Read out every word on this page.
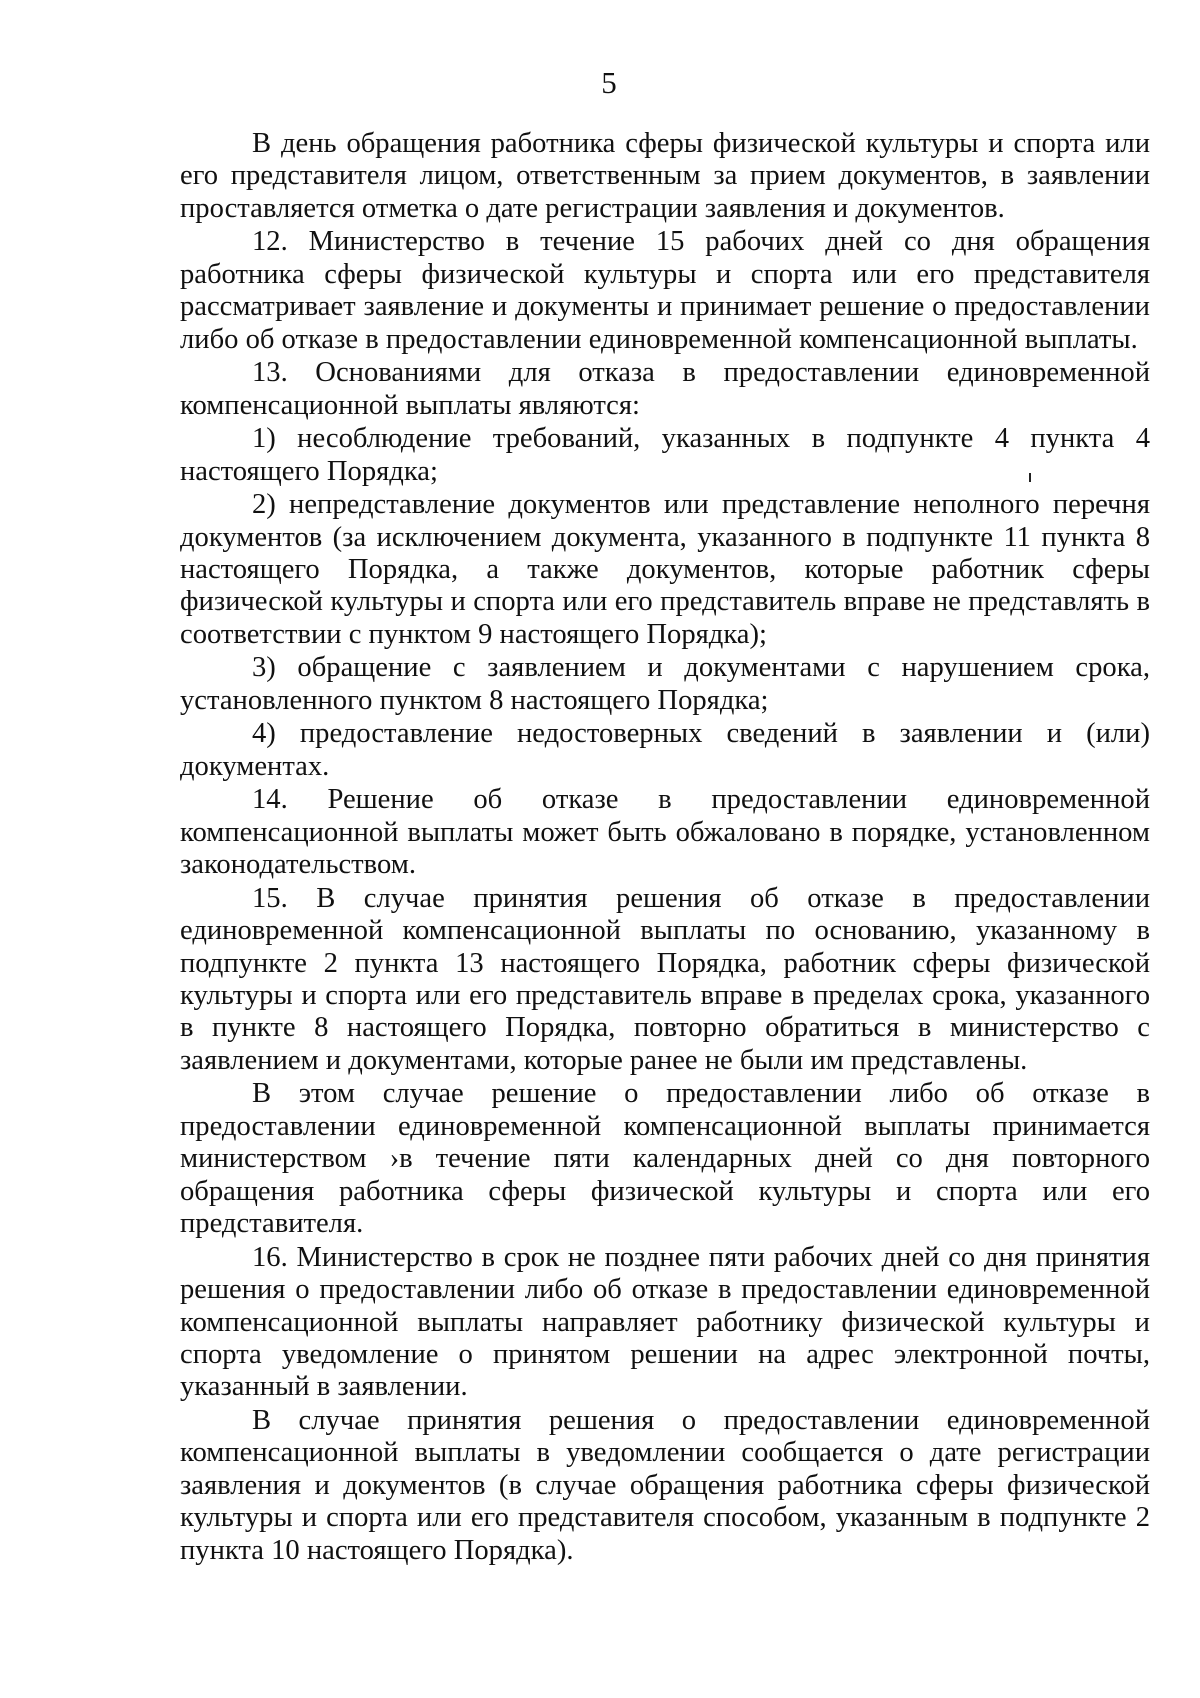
5

В день обращения работника сферы физической культуры и спорта или его представителя лицом, ответственным за прием документов, в заявлении проставляется отметка о дате регистрации заявления и документов.

12. Министерство в течение 15 рабочих дней со дня обращения работника сферы физической культуры и спорта или его представителя рассматривает заявление и документы и принимает решение о предоставлении либо об отказе в предоставлении единовременной компенсационной выплаты.

13. Основаниями для отказа в предоставлении единовременной компенсационной выплаты являются:

1) несоблюдение требований, указанных в подпункте 4 пункта 4 настоящего Порядка;

2) непредставление документов или представление неполного перечня документов (за исключением документа, указанного в подпункте 11 пункта 8 настоящего Порядка, а также документов, которые работник сферы физической культуры и спорта или его представитель вправе не представлять в соответствии с пунктом 9 настоящего Порядка);

3) обращение с заявлением и документами с нарушением срока, установленного пунктом 8 настоящего Порядка;

4) предоставление недостоверных сведений в заявлении и (или) документах.

14. Решение об отказе в предоставлении единовременной компенсационной выплаты может быть обжаловано в порядке, установленном законодательством.

15. В случае принятия решения об отказе в предоставлении единовременной компенсационной выплаты по основанию, указанному в подпункте 2 пункта 13 настоящего Порядка, работник сферы физической культуры и спорта или его представитель вправе в пределах срока, указанного в пункте 8 настоящего Порядка, повторно обратиться в министерство с заявлением и документами, которые ранее не были им представлены.

В этом случае решение о предоставлении либо об отказе в предоставлении единовременной компенсационной выплаты принимается министерством ›в течение пяти календарных дней со дня повторного обращения работника сферы физической культуры и спорта или его представителя.

16. Министерство в срок не позднее пяти рабочих дней со дня принятия решения о предоставлении либо об отказе в предоставлении единовременной компенсационной выплаты направляет работнику физической культуры и спорта уведомление о принятом решении на адрес электронной почты, указанный в заявлении.

В случае принятия решения о предоставлении единовременной компенсационной выплаты в уведомлении сообщается о дате регистрации заявления и документов (в случае обращения работника сферы физической культуры и спорта или его представителя способом, указанным в подпункте 2 пункта 10 настоящего Порядка).
